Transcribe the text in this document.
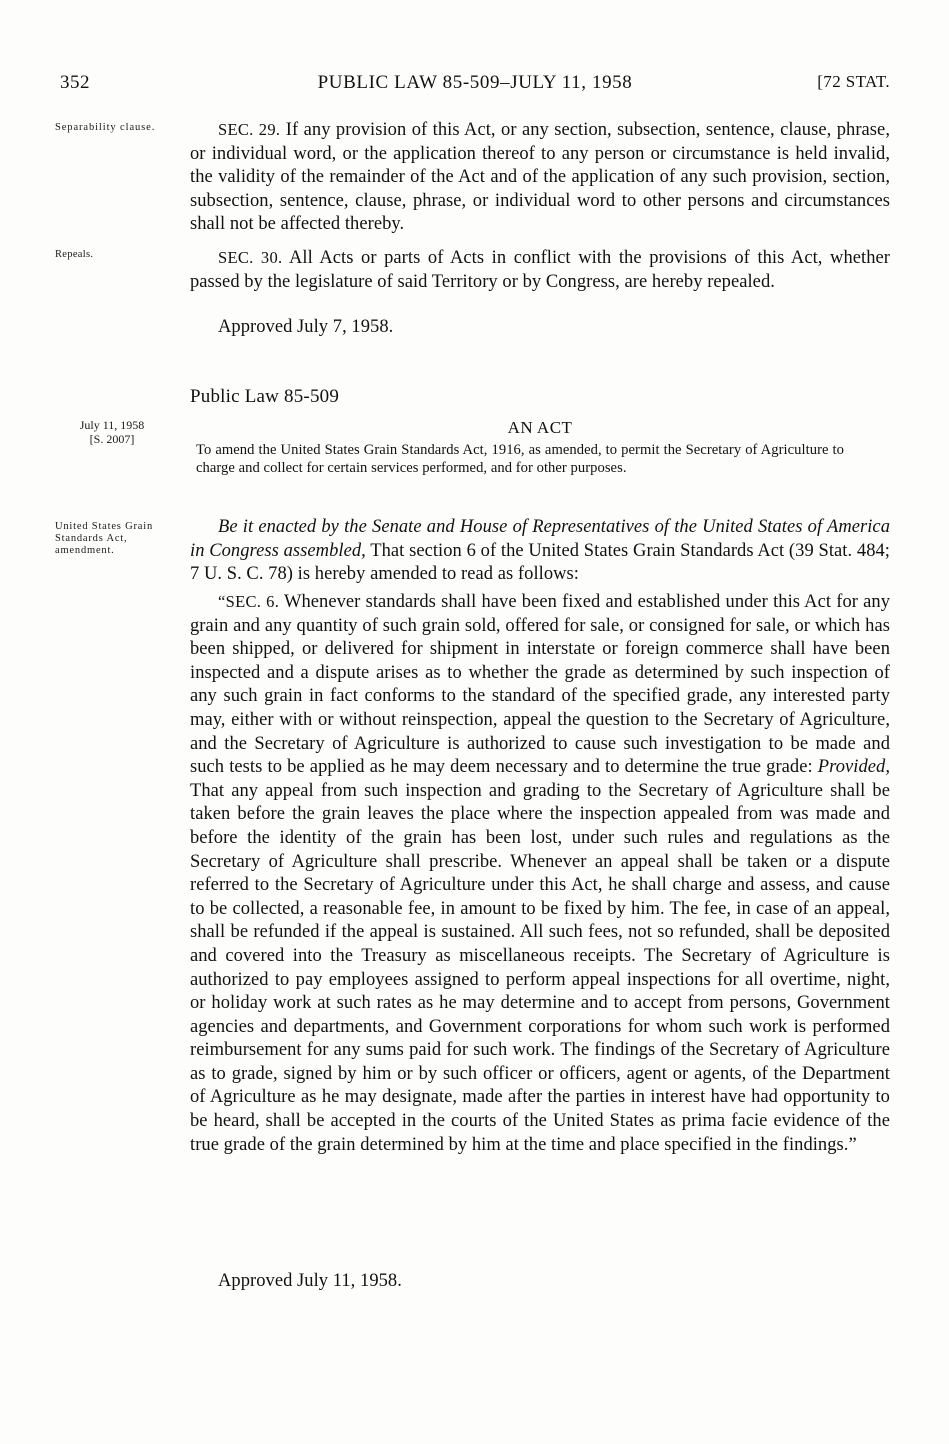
352	PUBLIC LAW 85-509–JULY 11, 1958	[72 STAT.
Separability clause.
Repeals.
July 11, 1958
[S. 2007]
United States Grain Standards Act, amendment.

SEC. 29. If any provision of this Act, or any section, subsection, sentence, clause, phrase, or individual word, or the application thereof to any person or circumstance is held invalid, the validity of the remainder of the Act and of the application of any such provision, section, subsection, sentence, clause, phrase, or individual word to other persons and circumstances shall not be affected thereby.

SEC. 30. All Acts or parts of Acts in conflict with the provisions of this Act, whether passed by the legislature of said Territory or by Congress, are hereby repealed.

Approved July 7, 1958.

Public Law 85-509
AN ACT
To amend the United States Grain Standards Act, 1916, as amended, to permit the Secretary of Agriculture to charge and collect for certain services performed, and for other purposes.

Be it enacted by the Senate and House of Representatives of the United States of America in Congress assembled, That section 6 of the United States Grain Standards Act (39 Stat. 484; 7 U. S. C. 78) is hereby amended to read as follows:

“SEC. 6. Whenever standards shall have been fixed and established under this Act for any grain and any quantity of such grain sold, offered for sale, or consigned for sale, or which has been shipped, or delivered for shipment in interstate or foreign commerce shall have been inspected and a dispute arises as to whether the grade as determined by such inspection of any such grain in fact conforms to the standard of the specified grade, any interested party may, either with or without reinspection, appeal the question to the Secretary of Agriculture, and the Secretary of Agriculture is authorized to cause such investigation to be made and such tests to be applied as he may deem necessary and to determine the true grade: Provided, That any appeal from such inspection and grading to the Secretary of Agriculture shall be taken before the grain leaves the place where the inspection appealed from was made and before the identity of the grain has been lost, under such rules and regulations as the Secretary of Agriculture shall prescribe. Whenever an appeal shall be taken or a dispute referred to the Secretary of Agriculture under this Act, he shall charge and assess, and cause to be collected, a reasonable fee, in amount to be fixed by him. The fee, in case of an appeal, shall be refunded if the appeal is sustained. All such fees, not so refunded, shall be deposited and covered into the Treasury as miscellaneous receipts. The Secretary of Agriculture is authorized to pay employees assigned to perform appeal inspections for all overtime, night, or holiday work at such rates as he may determine and to accept from persons, Government agencies and departments, and Government corporations for whom such work is performed reimbursement for any sums paid for such work. The findings of the Secretary of Agriculture as to grade, signed by him or by such officer or officers, agent or agents, of the Department of Agriculture as he may designate, made after the parties in interest have had opportunity to be heard, shall be accepted in the courts of the United States as prima facie evidence of the true grade of the grain determined by him at the time and place specified in the findings.”

Approved July 11, 1958.
